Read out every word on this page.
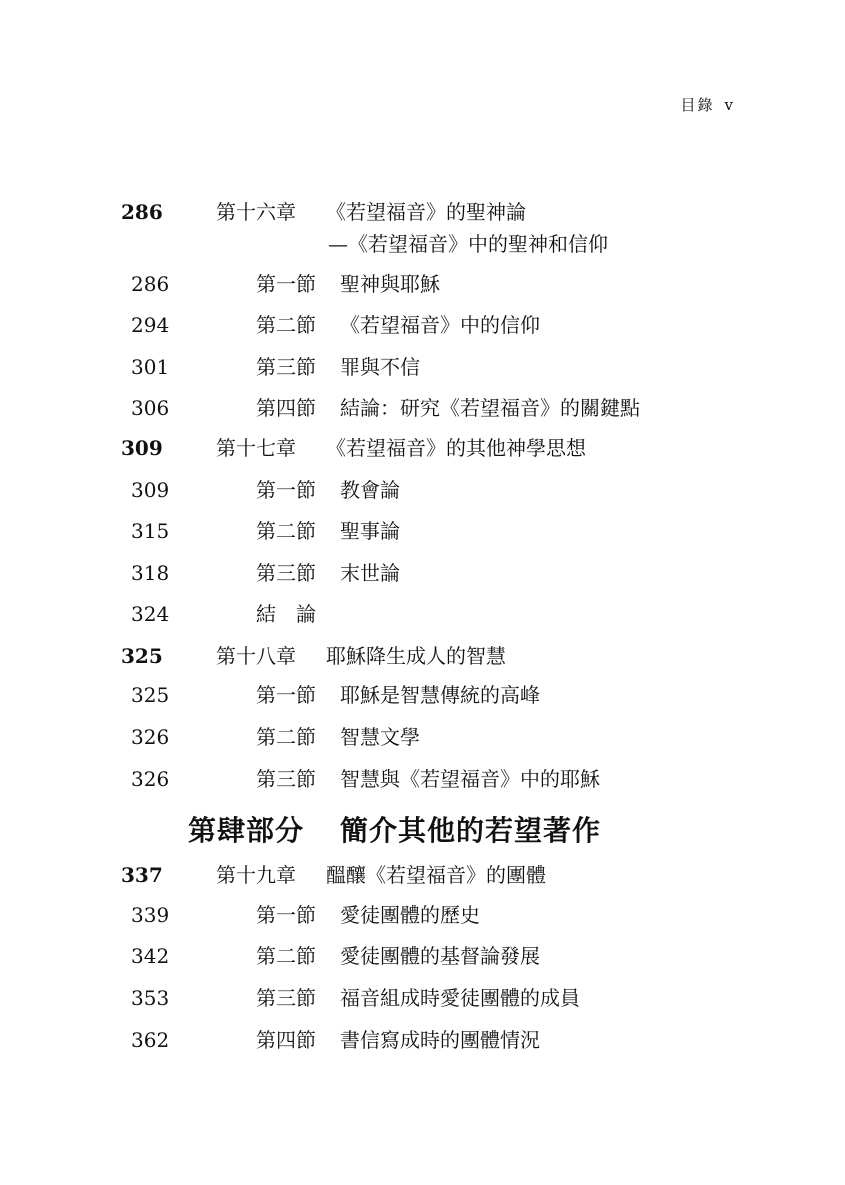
目錄 v
286	第十六章 《若望福音》的聖神論
—《若望福音》中的聖神和信仰
286	第一節 聖神與耶穌
294	第二節 《若望福音》中的信仰
301	第三節 罪與不信
306	第四節 結論：研究《若望福音》的關鍵點
309	第十七章 《若望福音》的其他神學思想
309	第一節 教會論
315	第二節 聖事論
318	第三節 末世論
324	結　論
325	第十八章 耶穌降生成人的智慧
325	第一節 耶穌是智慧傳統的高峰
326	第二節 智慧文學
326	第三節 智慧與《若望福音》中的耶穌
第肆部分 簡介其他的若望著作
337	第十九章 醞釀《若望福音》的團體
339	第一節 愛徒團體的歷史
342	第二節 愛徒團體的基督論發展
353	第三節 福音組成時愛徒團體的成員
362	第四節 書信寫成時的團體情況
